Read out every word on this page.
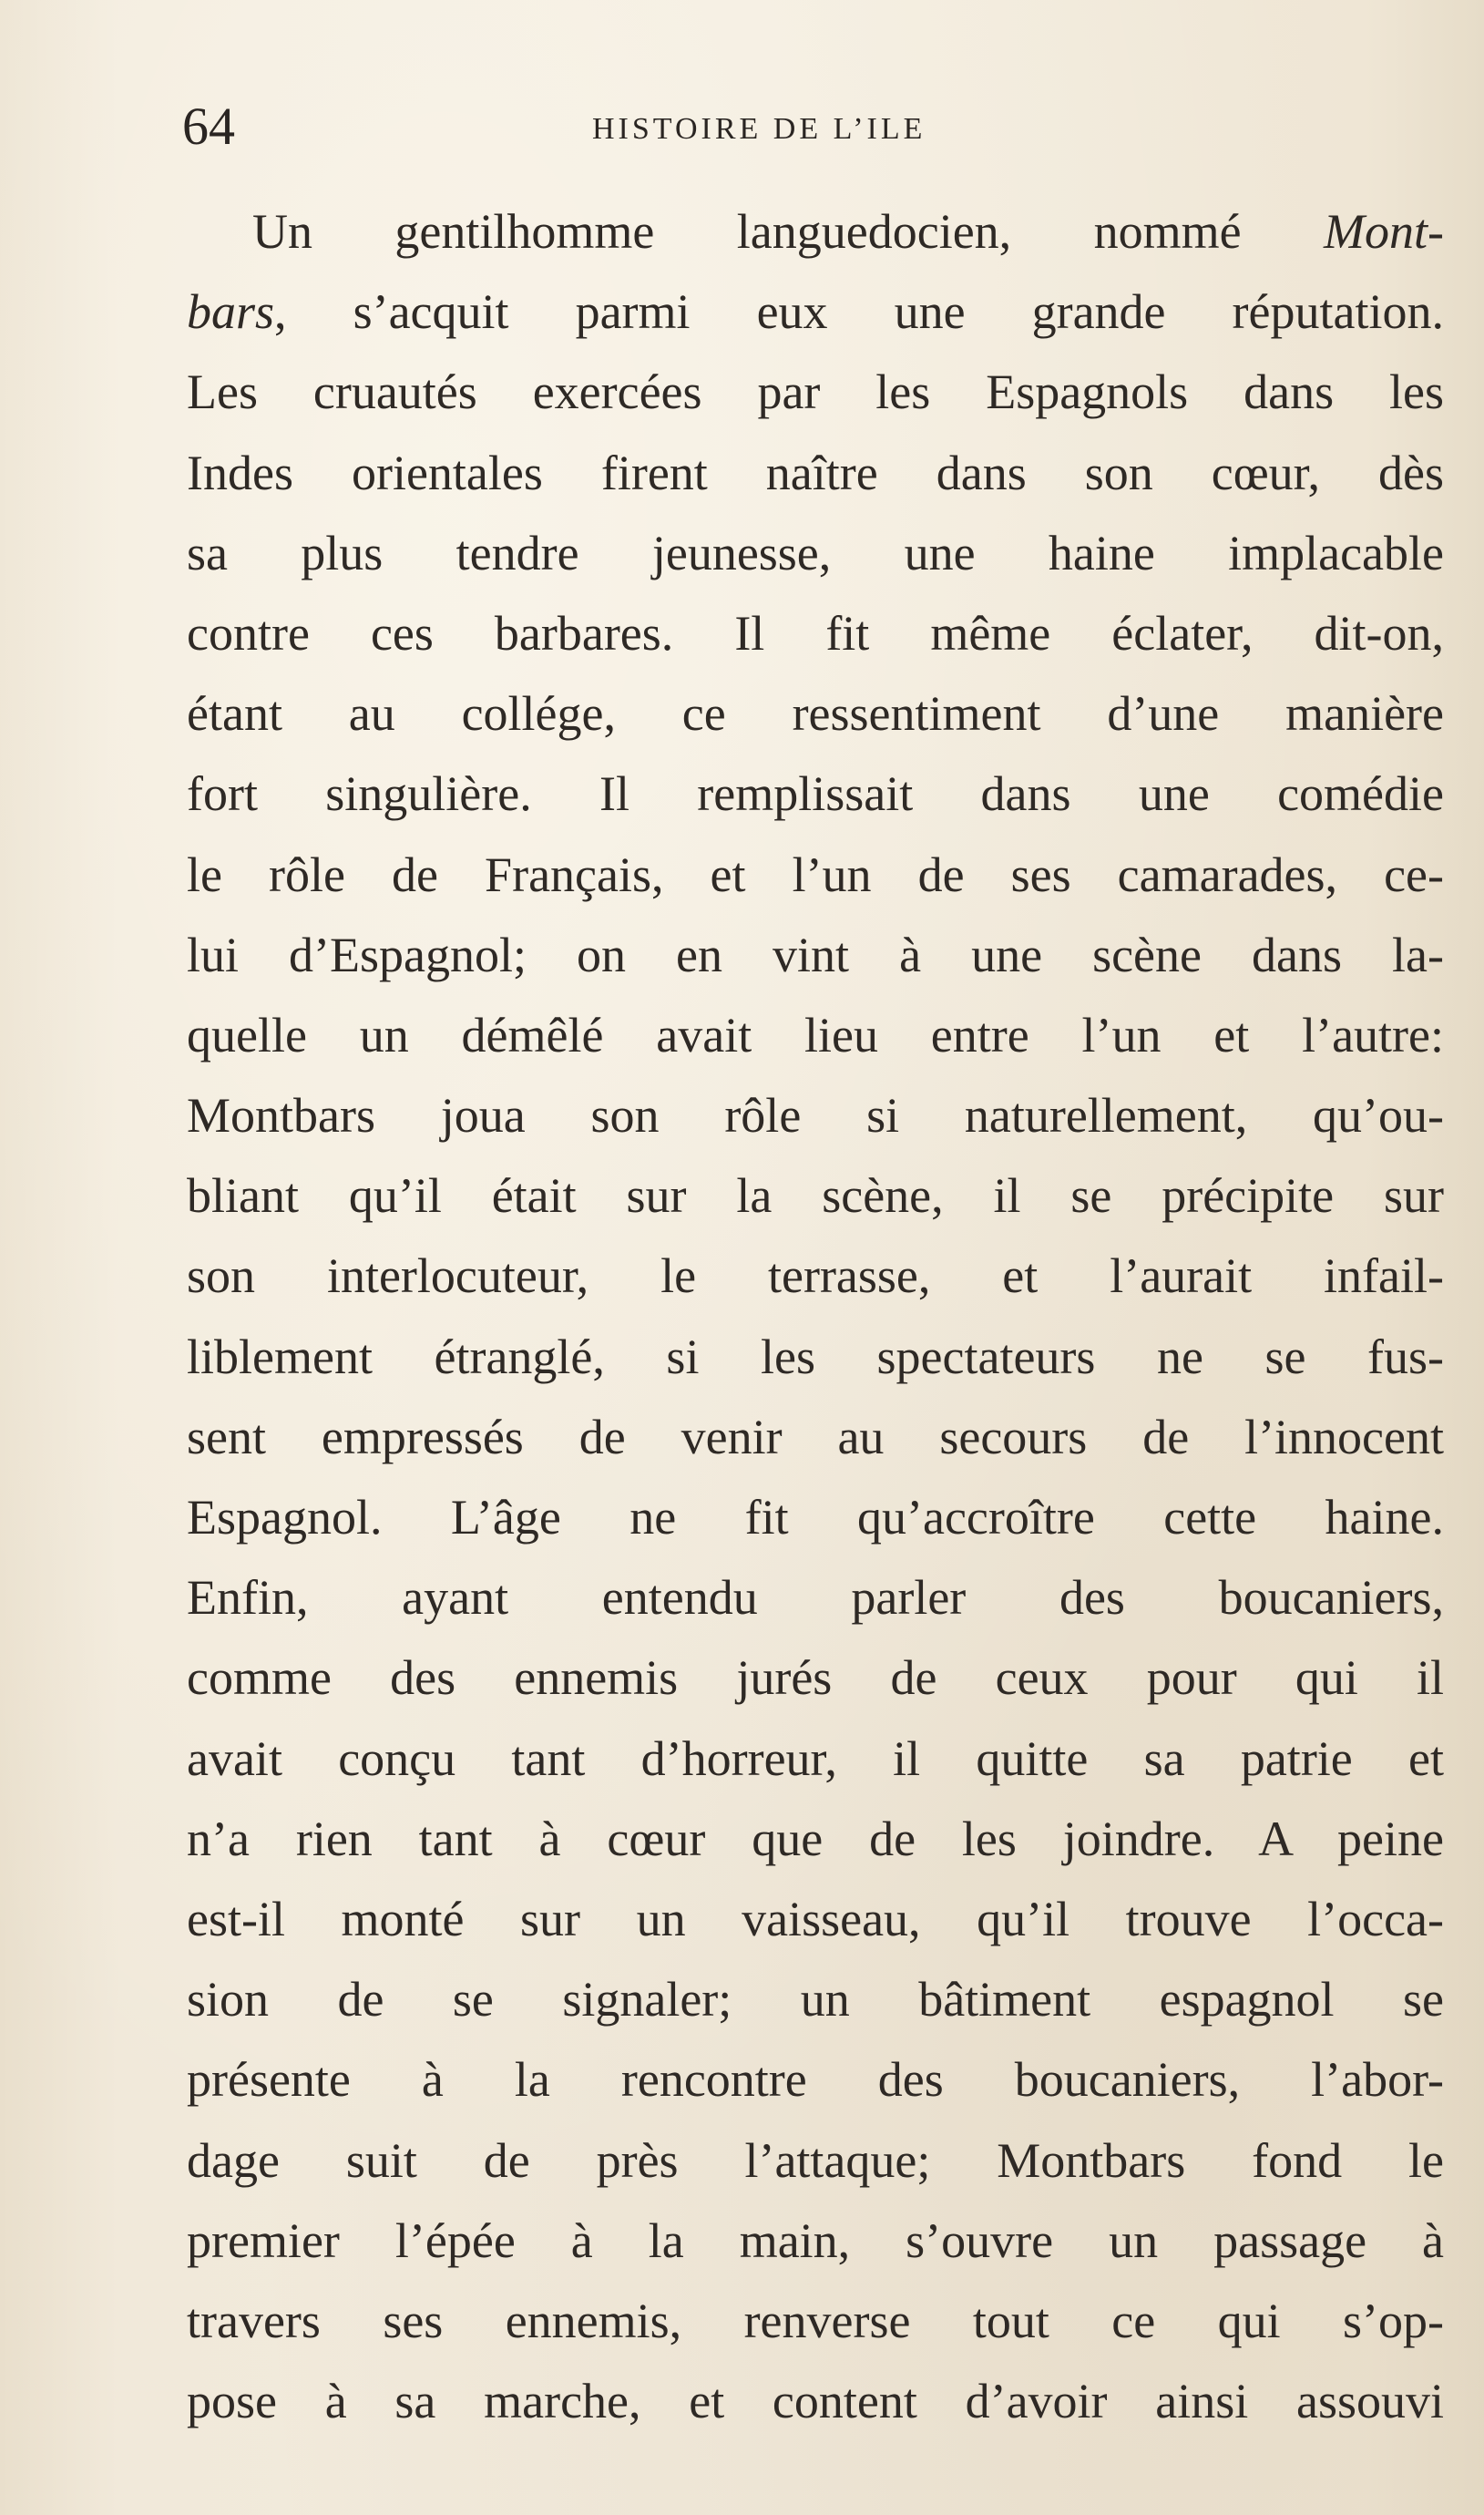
64	HISTOIRE DE L’ILE
Un gentilhomme languedocien, nommé Mont-
bars, s’acquit parmi eux une grande réputation.
Les cruautés exercées par les Espagnols dans les
Indes orientales firent naître dans son cœur, dès
sa plus tendre jeunesse, une haine implacable
contre ces barbares. Il fit même éclater, dit-on,
étant au collége, ce ressentiment d’une manière
fort singulière. Il remplissait dans une comédie
le rôle de Français, et l’un de ses camarades, ce-
lui d’Espagnol; on en vint à une scène dans la-
quelle un démêlé avait lieu entre l’un et l’autre:
Montbars joua son rôle si naturellement, qu’ou-
bliant qu’il était sur la scène, il se précipite sur
son interlocuteur, le terrasse, et l’aurait infail-
liblement étranglé, si les spectateurs ne se fus-
sent empressés de venir au secours de l’innocent
Espagnol. L’âge ne fit qu’accroître cette haine.
Enfin, ayant entendu parler des boucaniers,
comme des ennemis jurés de ceux pour qui il
avait conçu tant d’horreur, il quitte sa patrie et
n’a rien tant à cœur que de les joindre. A peine
est-il monté sur un vaisseau, qu’il trouve l’occa-
sion de se signaler; un bâtiment espagnol se
présente à la rencontre des boucaniers, l’abor-
dage suit de près l’attaque; Montbars fond le
premier l’épée à la main, s’ouvre un passage à
travers ses ennemis, renverse tout ce qui s’op-
pose à sa marche, et content d’avoir ainsi assouvi
